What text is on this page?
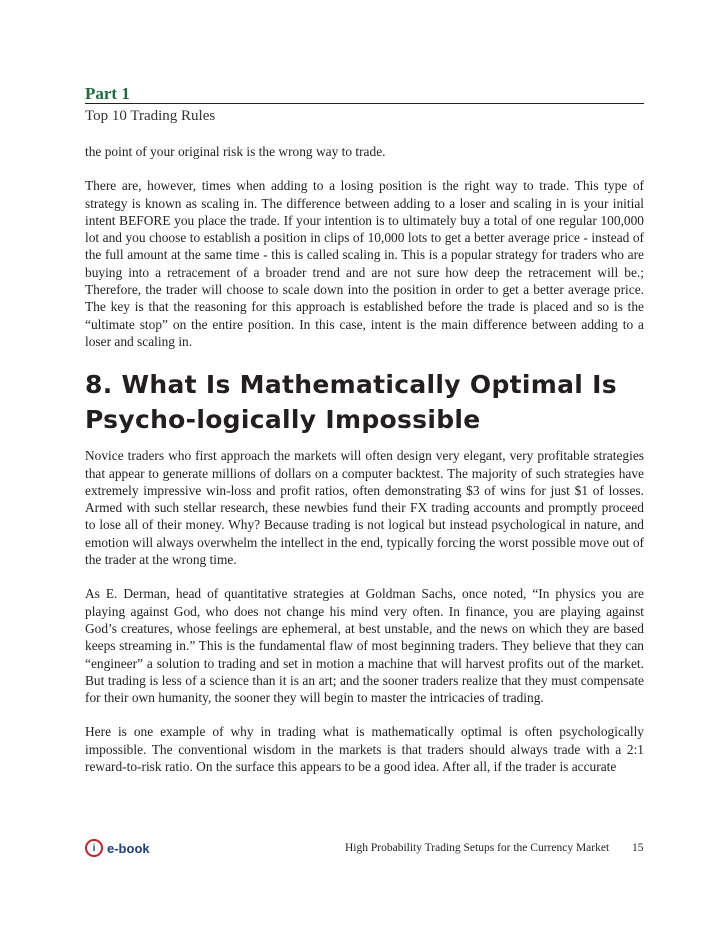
Part 1
Top 10 Trading Rules

the point of your original risk is the wrong way to trade.

There are, however, times when adding to a losing position is the right way to trade. This type of strategy is known as scaling in. The difference between adding to a loser and scaling in is your initial intent BEFORE you place the trade. If your intention is to ultimately buy a total of one regular 100,000 lot and you choose to establish a position in clips of 10,000 lots to get a better average price - instead of the full amount at the same time - this is called scaling in. This is a popular strategy for traders who are buying into a retracement of a broader trend and are not sure how deep the retracement will be.; Therefore, the trader will choose to scale down into the position in order to get a better average price. The key is that the reasoning for this approach is established before the trade is placed and so is the “ultimate stop” on the entire position. In this case, intent is the main difference between adding to a loser and scaling in.

8. What Is Mathematically Optimal Is Psycho-logically Impossible

Novice traders who first approach the markets will often design very elegant, very profitable strategies that appear to generate millions of dollars on a computer backtest. The majority of such strategies have extremely impressive win-loss and profit ratios, often demonstrating $3 of wins for just $1 of losses. Armed with such stellar research, these newbies fund their FX trading accounts and promptly proceed to lose all of their money. Why? Because trading is not logical but instead psychological in nature, and emotion will always overwhelm the intellect in the end, typically forcing the worst possible move out of the trader at the wrong time.

As E. Derman, head of quantitative strategies at Goldman Sachs, once noted, “In physics you are playing against God, who does not change his mind very often. In finance, you are playing against God’s creatures, whose feelings are ephemeral, at best unstable, and the news on which they are based keeps streaming in.” This is the fundamental flaw of most beginning traders. They believe that they can “engineer” a solution to trading and set in motion a machine that will harvest profits out of the market. But trading is less of a science than it is an art; and the sooner traders realize that they must compensate for their own humanity, the sooner they will begin to master the intricacies of trading.

Here is one example of why in trading what is mathematically optimal is often psychologically impossible. The conventional wisdom in the markets is that traders should always trade with a 2:1 reward-to-risk ratio. On the surface this appears to be a good idea. After all, if the trader is accurate

i e-book	High Probability Trading Setups for the Currency Market 15
